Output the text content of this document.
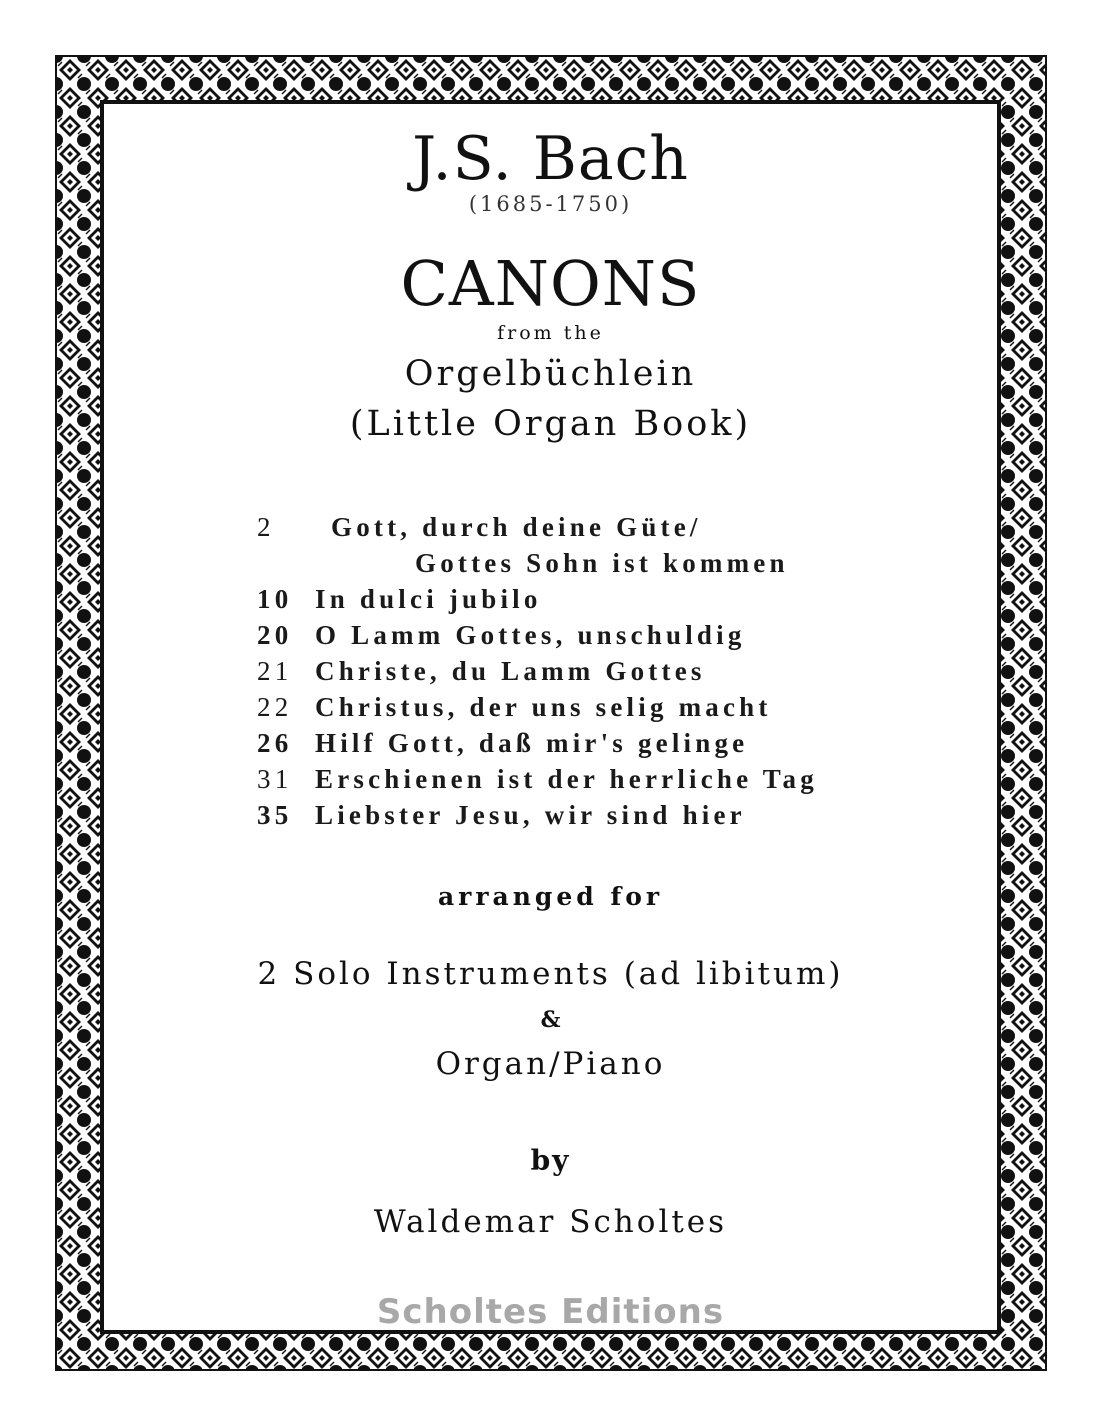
J.S. Bach
(1685-1750)
CANONS
from the
Orgelbüchlein
(Little Organ Book)
2 Gott, durch deine Güte/
Gottes Sohn ist kommen
10 In dulci jubilo
20 O Lamm Gottes, unschuldig
21 Christe, du Lamm Gottes
22 Christus, der uns selig macht
26 Hilf Gott, daß mir's gelinge
31 Erschienen ist der herrliche Tag
35 Liebster Jesu, wir sind hier
arranged for
2 Solo Instruments (ad libitum)
&
Organ/Piano
by
Waldemar Scholtes
Scholtes Editions
